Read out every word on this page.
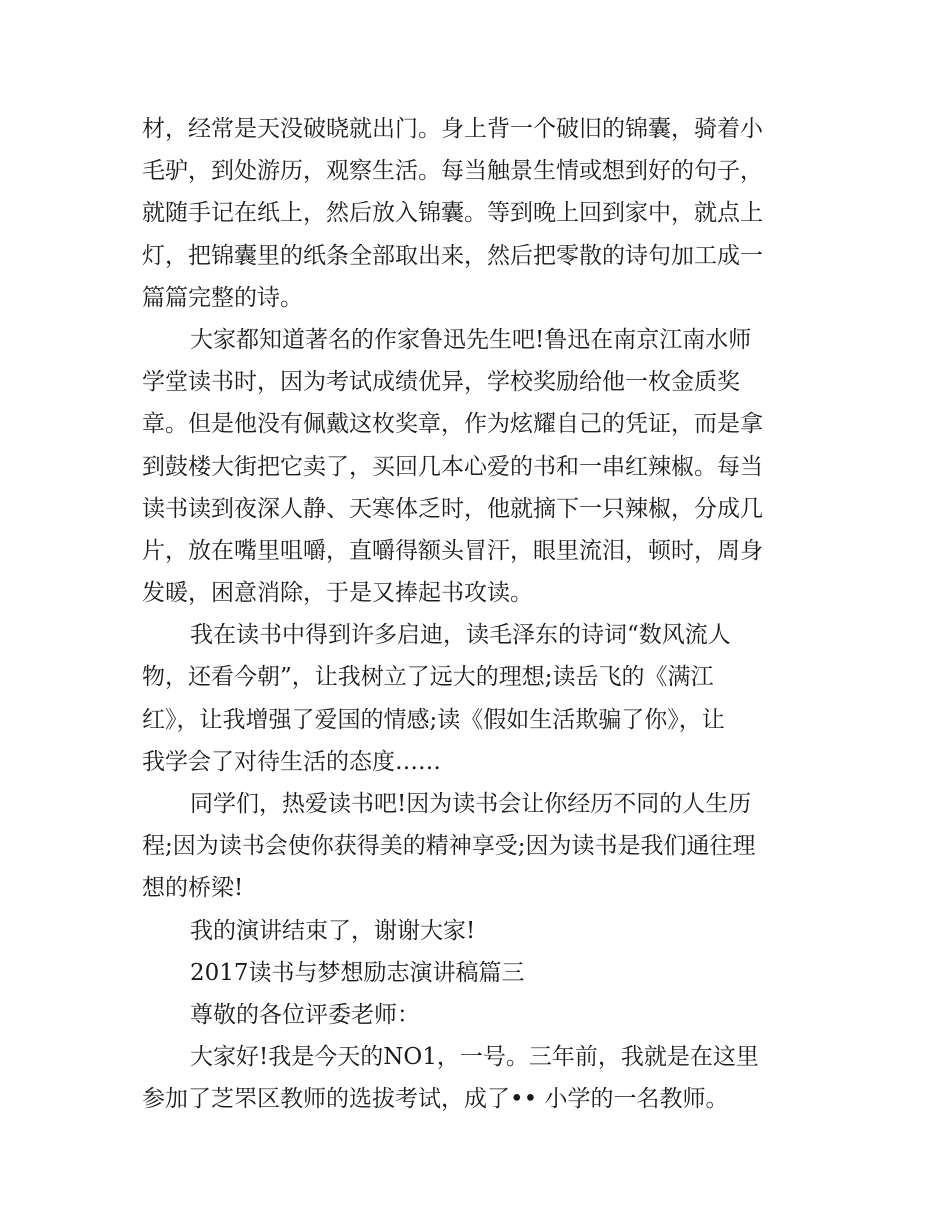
材，经常是天没破晓就出门。身上背一个破旧的锦囊，骑着小
毛驴，到处游历，观察生活。每当触景生情或想到好的句子，
就随手记在纸上，然后放入锦囊。等到晚上回到家中，就点上
灯，把锦囊里的纸条全部取出来，然后把零散的诗句加工成一
篇篇完整的诗。
大家都知道著名的作家鲁迅先生吧!鲁迅在南京江南水师
学堂读书时，因为考试成绩优异，学校奖励给他一枚金质奖
章。但是他没有佩戴这枚奖章，作为炫耀自己的凭证，而是拿
到鼓楼大街把它卖了，买回几本心爱的书和一串红辣椒。每当
读书读到夜深人静、天寒体乏时，他就摘下一只辣椒，分成几
片，放在嘴里咀嚼，直嚼得额头冒汗，眼里流泪，顿时，周身
发暖，困意消除，于是又捧起书攻读。
我在读书中得到许多启迪，读毛泽东的诗词“数风流人
物，还看今朝”，让我树立了远大的理想;读岳飞的《满江
红》，让我增强了爱国的情感;读《假如生活欺骗了你》，让
我学会了对待生活的态度……
同学们，热爱读书吧!因为读书会让你经历不同的人生历
程;因为读书会使你获得美的精神享受;因为读书是我们通往理
想的桥梁!
我的演讲结束了，谢谢大家!
2017读书与梦想励志演讲稿篇三
尊敬的各位评委老师：
大家好!我是今天的NO1，一号。三年前，我就是在这里
参加了芝罘区教师的选拔考试，成了•• 小学的一名教师。
